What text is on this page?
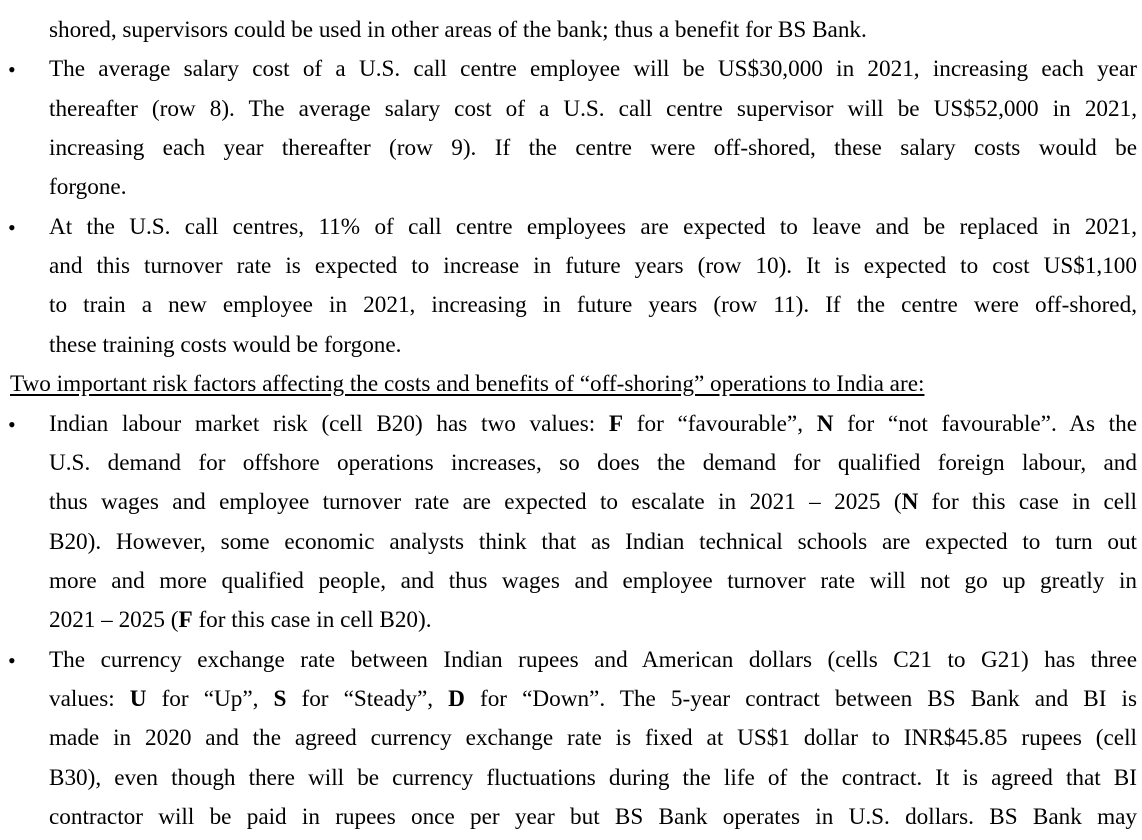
shored, supervisors could be used in other areas of the bank; thus a benefit for BS Bank.
•	The average salary cost of a U.S. call centre employee will be US$30,000 in 2021, increasing each year
thereafter (row 8). The average salary cost of a U.S. call centre supervisor will be US$52,000 in 2021,
increasing each year thereafter (row 9). If the centre were off-shored, these salary costs would be
forgone.
•	At the U.S. call centres, 11% of call centre employees are expected to leave and be replaced in 2021,
and this turnover rate is expected to increase in future years (row 10). It is expected to cost US$1,100
to train a new employee in 2021, increasing in future years (row 11). If the centre were off-shored,
these training costs would be forgone.
Two important risk factors affecting the costs and benefits of “off-shoring” operations to India are:
•	Indian labour market risk (cell B20) has two values: F for “favourable”, N for “not favourable”. As the
U.S. demand for offshore operations increases, so does the demand for qualified foreign labour, and
thus wages and employee turnover rate are expected to escalate in 2021 – 2025 (N for this case in cell
B20). However, some economic analysts think that as Indian technical schools are expected to turn out
more and more qualified people, and thus wages and employee turnover rate will not go up greatly in
2021 – 2025 (F for this case in cell B20).
•	The currency exchange rate between Indian rupees and American dollars (cells C21 to G21) has three
values: U for “Up”, S for “Steady”, D for “Down”. The 5-year contract between BS Bank and BI is
made in 2020 and the agreed currency exchange rate is fixed at US$1 dollar to INR$45.85 rupees (cell
B30), even though there will be currency fluctuations during the life of the contract. It is agreed that BI
contractor will be paid in rupees once per year but BS Bank operates in U.S. dollars. BS Bank may
